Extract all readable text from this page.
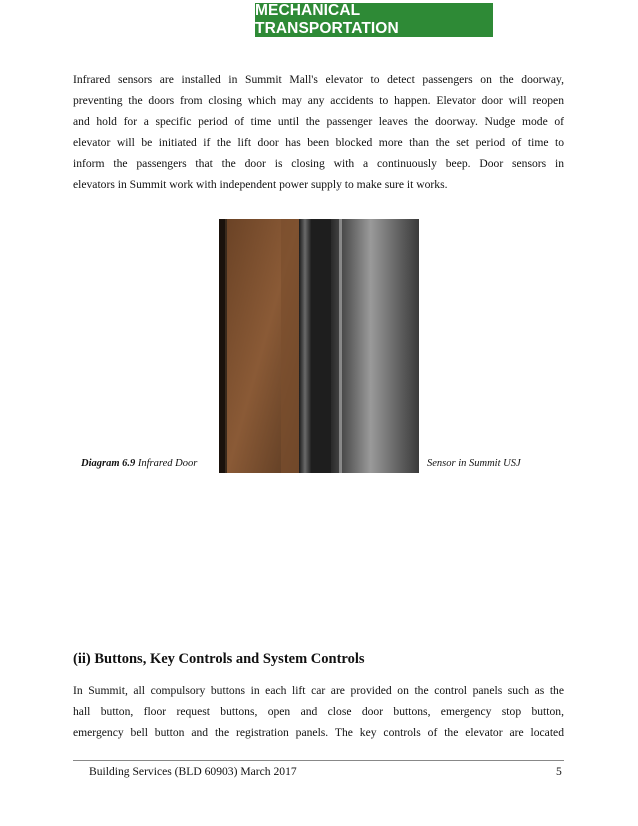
MECHANICAL TRANSPORTATION
Infrared sensors are installed in Summit Mall's elevator to detect passengers on the doorway,
preventing the doors from closing which may any accidents to happen. Elevator door will reopen
and hold for a specific period of time until the passenger leaves the doorway. Nudge mode of
elevator will be initiated if the lift door has been blocked more than the set period of time to
inform the passengers that the door is closing with a continuously beep. Door sensors in
elevators in Summit work with independent power supply to make sure it works.
Diagram 6.9 Infrared Door	Sensor in Summit USJ
(ii) Buttons, Key Controls and System Controls
In Summit, all compulsory buttons in each lift car are provided on the control panels such as the
hall button, floor request buttons, open and close door buttons, emergency stop button,
emergency bell button and the registration panels. The key controls of the elevator are located
Building Services (BLD 60903) March 2017	5
